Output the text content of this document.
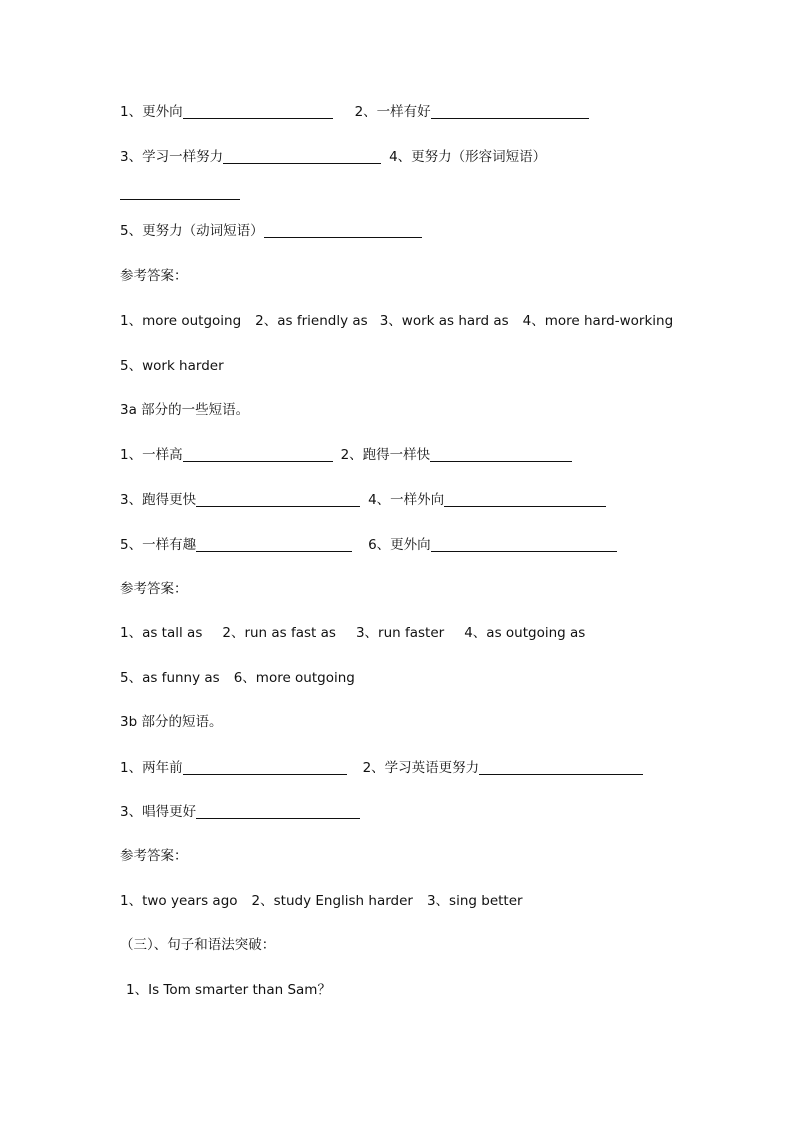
1、更外向	2、一样有好
3、学习一样努力	4、更努力（形容词短语）
5、更努力（动词短语）
参考答案：
1、more outgoing 2、as friendly as 3、work as hard as 4、more hard-working
5、work harder
3a 部分的一些短语。
1、一样高	2、跑得一样快
3、跑得更快	4、一样外向
5、一样有趣	6、更外向
参考答案：
1、as tall as 2、run as fast as 3、run faster 4、as outgoing as
5、as funny as 6、more outgoing
3b 部分的短语。
1、两年前	2、学习英语更努力
3、唱得更好
参考答案：
1、two years ago 2、study English harder 3、sing better
（三）、句子和语法突破：
1、Is Tom smarter than Sam？
